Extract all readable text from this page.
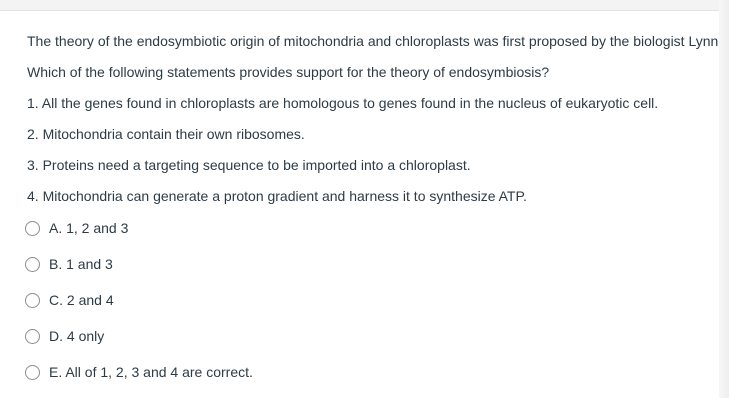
The theory of the endosymbiotic origin of mitochondria and chloroplasts was first proposed by the biologist Lynn
Which of the following statements provides support for the theory of endosymbiosis?
1. All the genes found in chloroplasts are homologous to genes found in the nucleus of eukaryotic cell.
2. Mitochondria contain their own ribosomes.
3. Proteins need a targeting sequence to be imported into a chloroplast.
4. Mitochondria can generate a proton gradient and harness it to synthesize ATP.
A. 1, 2 and 3
B. 1 and 3
C. 2 and 4
D. 4 only
E. All of 1, 2, 3 and 4 are correct.
